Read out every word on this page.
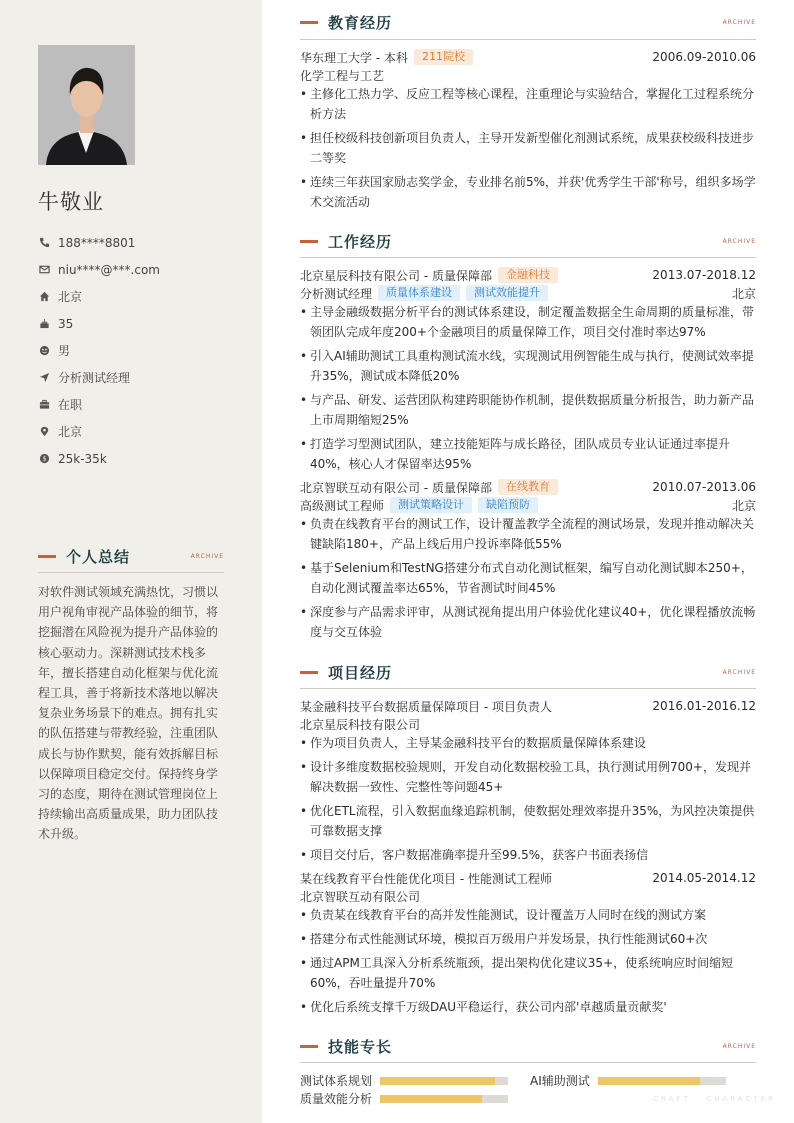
牛敬业
188****8801
niu****@***.com
北京
35
男
分析测试经理
在职
北京
$ 25k-35k
个人总结	ARCHIVE

对软件测试领域充满热忱，习惯以用户视角审视产品体验的细节，将挖掘潜在风险视为提升产品体验的核心驱动力。深耕测试技术栈多年，擅长搭建自动化框架与优化流程工具，善于将新技术落地以解决复杂业务场景下的难点。拥有扎实的队伍搭建与带教经验，注重团队成长与协作默契，能有效拆解目标以保障项目稳定交付。保持终身学习的态度，期待在测试管理岗位上持续输出高质量成果，助力团队技术升级。

教育经历	ARCHIVE
华东理工大学 - 本科	211院校	2006.09-2010.06
化学工程与工艺
• 主修化工热力学、反应工程等核心课程，注重理论与实验结合，掌握化工过程系统分析方法
• 担任校级科技创新项目负责人，主导开发新型催化剂测试系统，成果获校级科技进步二等奖
• 连续三年获国家励志奖学金，专业排名前5%，并获'优秀学生干部'称号，组织多场学术交流活动
工作经历	ARCHIVE
北京星辰科技有限公司 - 质量保障部	金融科技	2013.07-2018.12
分析测试经理	质量体系建设	测试效能提升	北京
• 主导金融级数据分析平台的测试体系建设，制定覆盖数据全生命周期的质量标准，带领团队完成年度200+个金融项目的质量保障工作，项目交付准时率达97%
• 引入AI辅助测试工具重构测试流水线，实现测试用例智能生成与执行，使测试效率提升35%，测试成本降低20%
• 与产品、研发、运营团队构建跨职能协作机制，提供数据质量分析报告，助力新产品上市周期缩短25%
• 打造学习型测试团队，建立技能矩阵与成长路径，团队成员专业认证通过率提升40%，核心人才保留率达95%
北京智联互动有限公司 - 质量保障部	在线教育	2010.07-2013.06
高级测试工程师	测试策略设计	缺陷预防	北京
• 负责在线教育平台的测试工作，设计覆盖教学全流程的测试场景，发现并推动解决关键缺陷180+，产品上线后用户投诉率降低55%
• 基于Selenium和TestNG搭建分布式自动化测试框架，编写自动化测试脚本250+，自动化测试覆盖率达65%，节省测试时间45%
• 深度参与产品需求评审，从测试视角提出用户体验优化建议40+，优化课程播放流畅度与交互体验
项目经历	ARCHIVE
某金融科技平台数据质量保障项目 - 项目负责人	2016.01-2016.12
北京星辰科技有限公司
• 作为项目负责人，主导某金融科技平台的数据质量保障体系建设
• 设计多维度数据校验规则，开发自动化数据校验工具，执行测试用例700+，发现并解决数据一致性、完整性等问题45+
• 优化ETL流程，引入数据血缘追踪机制，使数据处理效率提升35%，为风控决策提供可靠数据支撑
• 项目交付后，客户数据准确率提升至99.5%，获客户书面表扬信
某在线教育平台性能优化项目 - 性能测试工程师	2014.05-2014.12
北京智联互动有限公司
• 负责某在线教育平台的高并发性能测试，设计覆盖万人同时在线的测试方案
• 搭建分布式性能测试环境，模拟百万级用户并发场景，执行性能测试60+次
• 通过APM工具深入分析系统瓶颈，提出架构优化建议35+，使系统响应时间缩短60%，吞吐量提升70%
• 优化后系统支撑千万级DAU平稳运行，获公司内部'卓越质量贡献奖'
技能专长	ARCHIVE
测试体系规划	AI辅助测试
质量效能分析	CRAFT · CHARACTER
